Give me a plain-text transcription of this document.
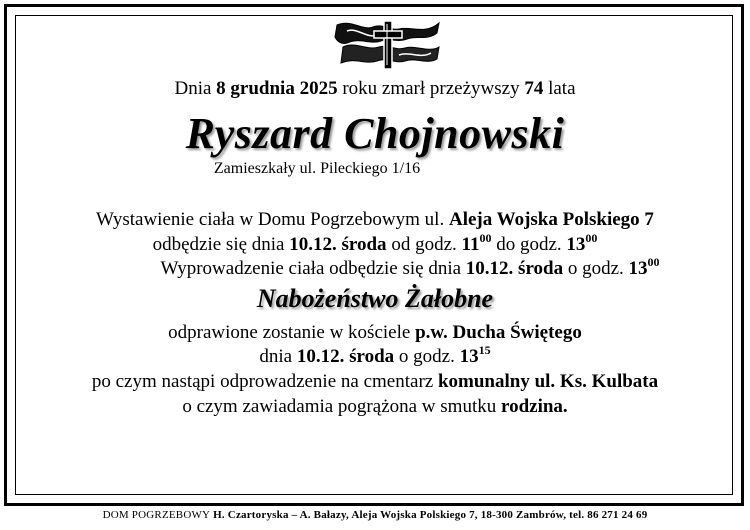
Dnia 8 grudnia 2025 roku zmarł przeżywszy 74 lata
Ryszard Chojnowski
Zamieszkały ul. Pileckiego 1/16
Wystawienie ciała w Domu Pogrzebowym ul. Aleja Wojska Polskiego 7
odbędzie się dnia 10.12. środa od godz. $11^{00}$ do godz. $13^{00}$
Wyprowadzenie ciała odbędzie się dnia 10.12. środa o godz. $13^{00}$
Nabożeństwo Żałobne
odprawione zostanie w kościele p.w. Ducha Świętego
dnia 10.12. środa o godz. $13^{15}$
po czym nastąpi odprowadzenie na cmentarz komunalny ul. Ks. Kulbata
o czym zawiadamia pogrążona w smutku rodzina.
DOM POGRZEBOWY H. Czartoryska – A. Bałazy, Aleja Wojska Polskiego 7, 18-300 Zambrów, tel. 86 271 24 69
